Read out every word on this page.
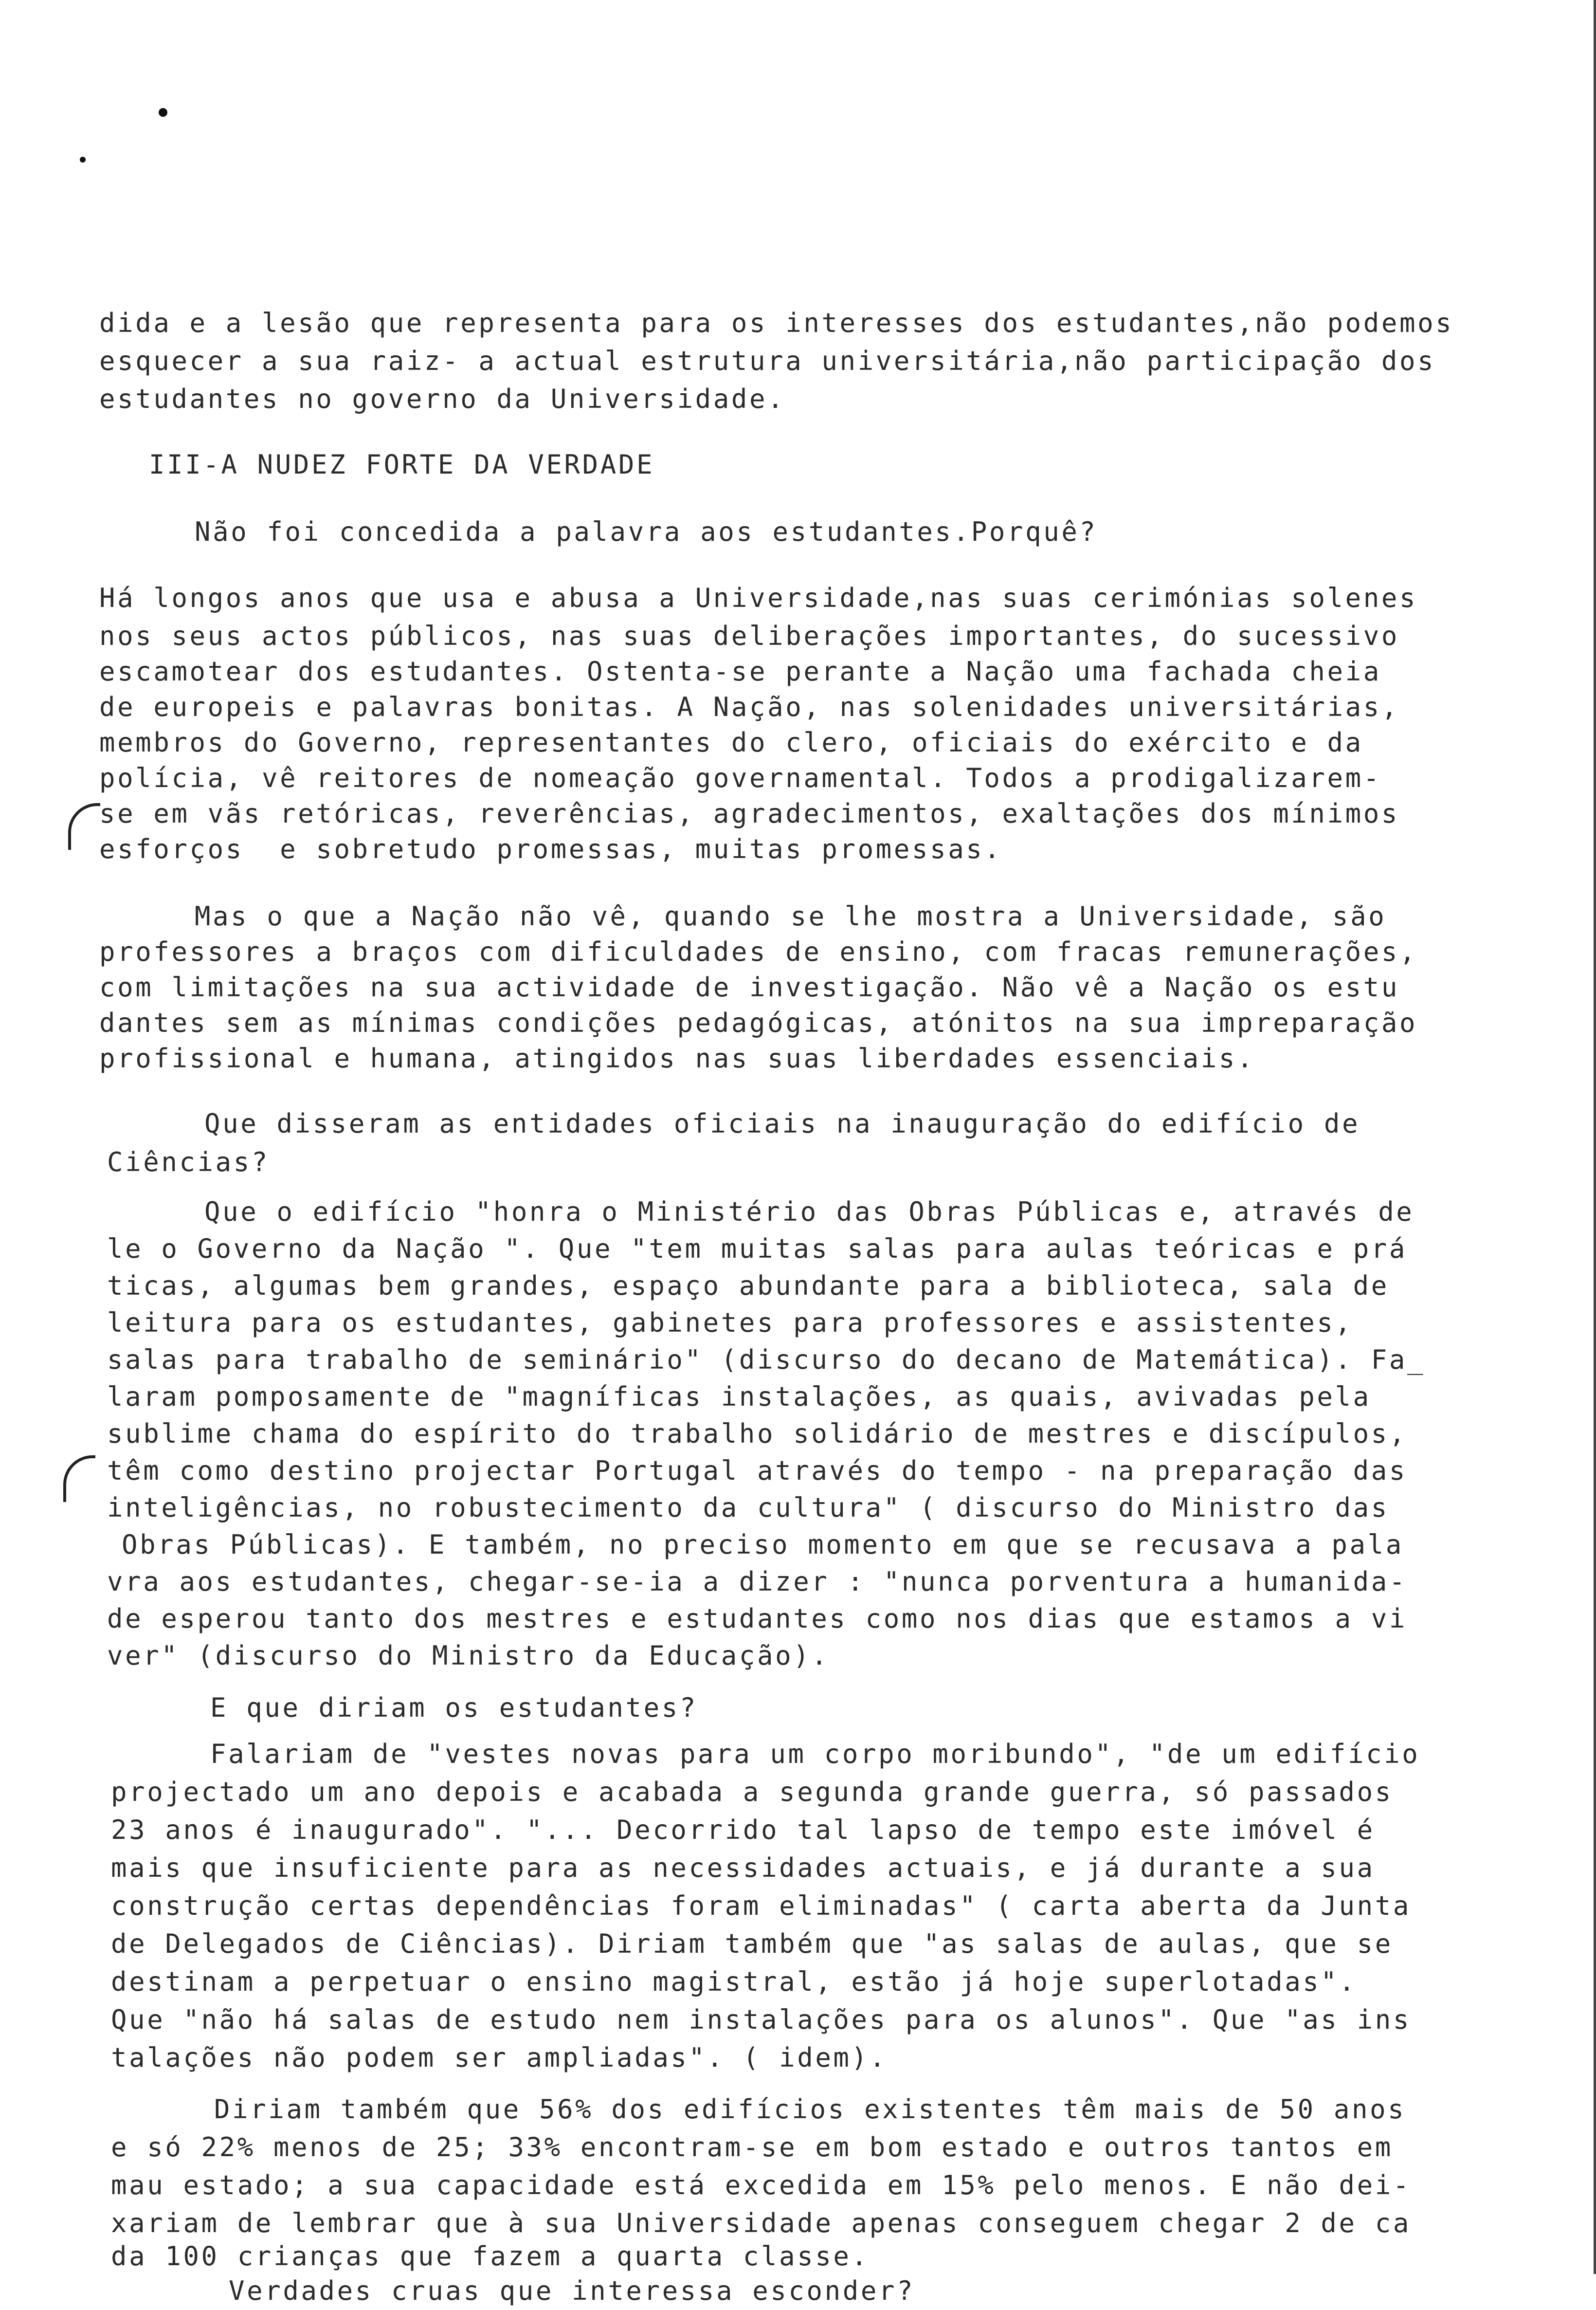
dida e a lesão que representa para os interesses dos estudantes,não podemos
esquecer a sua raiz- a actual estrutura universitária,não participação dos
estudantes no governo da Universidade.
III-A NUDEZ FORTE DA VERDADE
Não foi concedida a palavra aos estudantes.Porquê?
Há longos anos que usa e abusa a Universidade,nas suas cerimónias solenes
nos seus actos públicos, nas suas deliberações importantes, do sucessivo
escamotear dos estudantes. Ostenta-se perante a Nação uma fachada cheia
de europeis e palavras bonitas. A Nação, nas solenidades universitárias,
membros do Governo, representantes do clero, oficiais do exército e da
polícia, vê reitores de nomeação governamental. Todos a prodigalizarem-
se em vãs retóricas, reverências, agradecimentos, exaltações dos mínimos
esforços  e sobretudo promessas, muitas promessas.
Mas o que a Nação não vê, quando se lhe mostra a Universidade, são
professores a braços com dificuldades de ensino, com fracas remunerações,
com limitações na sua actividade de investigação. Não vê a Nação os estu
dantes sem as mínimas condições pedagógicas, atónitos na sua impreparação
profissional e humana, atingidos nas suas liberdades essenciais.
Que disseram as entidades oficiais na inauguração do edifício de
Ciências?
Que o edifício "honra o Ministério das Obras Públicas e, através de
le o Governo da Nação ". Que "tem muitas salas para aulas teóricas e prá
ticas, algumas bem grandes, espaço abundante para a biblioteca, sala de
leitura para os estudantes, gabinetes para professores e assistentes,
salas para trabalho de seminário" (discurso do decano de Matemática). Fa_
laram pomposamente de "magníficas instalações, as quais, avivadas pela
sublime chama do espírito do trabalho solidário de mestres e discípulos,
têm como destino projectar Portugal através do tempo - na preparação das
inteligências, no robustecimento da cultura" ( discurso do Ministro das
Obras Públicas). E também, no preciso momento em que se recusava a pala
vra aos estudantes, chegar-se-ia a dizer : "nunca porventura a humanida-
de esperou tanto dos mestres e estudantes como nos dias que estamos a vi
ver" (discurso do Ministro da Educação).
E que diriam os estudantes?
Falariam de "vestes novas para um corpo moribundo", "de um edifício
projectado um ano depois e acabada a segunda grande guerra, só passados
23 anos é inaugurado". "... Decorrido tal lapso de tempo este imóvel é
mais que insuficiente para as necessidades actuais, e já durante a sua
construção certas dependências foram eliminadas" ( carta aberta da Junta
de Delegados de Ciências). Diriam também que "as salas de aulas, que se
destinam a perpetuar o ensino magistral, estão já hoje superlotadas".
Que "não há salas de estudo nem instalações para os alunos". Que "as ins
talações não podem ser ampliadas". ( idem).
Diriam também que 56% dos edifícios existentes têm mais de 50 anos
e só 22% menos de 25; 33% encontram-se em bom estado e outros tantos em
mau estado; a sua capacidade está excedida em 15% pelo menos. E não dei-
xariam de lembrar que à sua Universidade apenas conseguem chegar 2 de ca
da 100 crianças que fazem a quarta classe.
Verdades cruas que interessa esconder?
